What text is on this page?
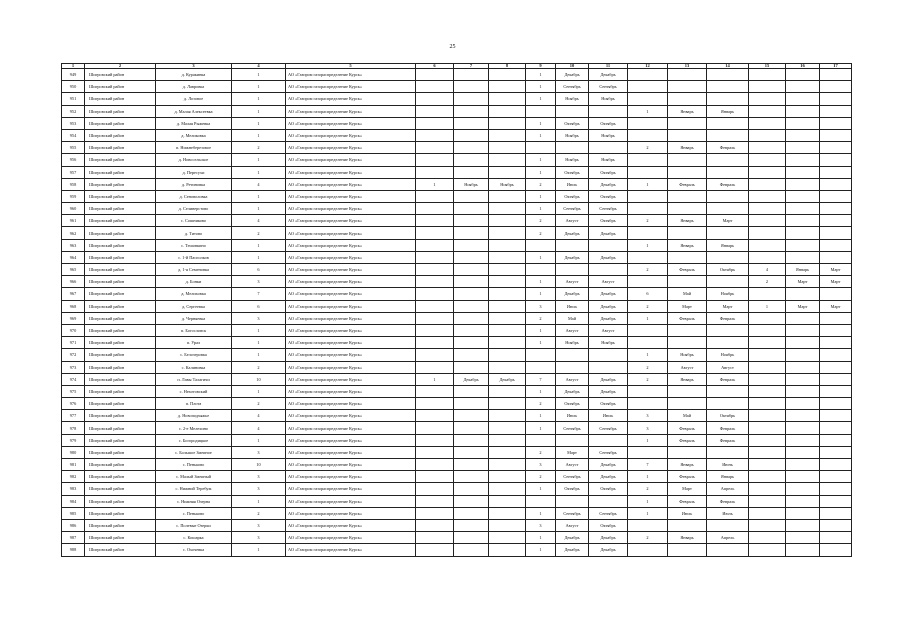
25
1	2	3	4	5	6	7	8	9	10	11	12	13	14	15	16	17
949	Шигровский район	д. Куракинка	1	АО «Газпром газораспределение Курск»				1	Декабрь	Декабрь						
950	Шигровский район	д. Лавровка	1	АО «Газпром газораспределение Курск»				1	Сентябрь	Сентябрь						
951	Шигровский район	д. Лозовое	1	АО «Газпром газораспределение Курск»				1	Ноябрь	Ноябрь						
952	Шигровский район	д. Малая Алексеевка	1	АО «Газпром газораспределение Курск»							1	Январь	Январь			
953	Шигровский район	д. Малая Рыжевка	1	АО «Газпром газораспределение Курск»				1	Октябрь	Октябрь						
954	Шигровский район	д. Меликовка	1	АО «Газпром газораспределение Курск»				1	Ноябрь	Ноябрь						
955	Шигровский район	п. Нижнеберезовое	2	АО «Газпром газораспределение Курск»							2	Январь	Февраль			
956	Шигровский район	д. Новосельское	1	АО «Газпром газораспределение Курск»				1	Ноябрь	Ноябрь						
957	Шигровский район	д. Пересухи	1	АО «Газпром газораспределение Курск»				1	Октябрь	Октябрь						
958	Шигровский район	д. Ретиновка	4	АО «Газпром газораспределение Курск»	1	Ноябрь	Ноябрь	2	Июль	Декабрь	1	Февраль	Февраль			
959	Шигровский район	д. Сеноволовка	1	АО «Газпром газораспределение Курск»				1	Октябрь	Октябрь						
960	Шигровский район	д. Селиверстово	1	АО «Газпром газораспределение Курск»				1	Сентябрь	Сентябрь						
961	Шигровский район	с. Сошниково	4	АО «Газпром газораспределение Курск»				2	Август	Октябрь	2	Январь	Март			
962	Шигровский район	д. Титово	2	АО «Газпром газораспределение Курск»				2	Декабрь	Декабрь						
963	Шигровский район	с. Тешовкино	1	АО «Газпром газораспределение Курск»							1	Январь	Январь			
964	Шигровский район	с. 1-й Пасполков	1	АО «Газпром газораспределение Курск»				1	Декабрь	Декабрь						
965	Шигровский район	д. 1-я Семеновка	6	АО «Газпром газораспределение Курск»							2	Февраль	Октябрь	4	Январь	Март
966	Шигровский район	д. Бонки	3	АО «Газпром газораспределение Курск»				1	Август	Август				2	Март	Март
967	Шигровский район	д. Мелиховка	7	АО «Газпром газораспределение Курск»				1	Декабрь	Декабрь	6	Май	Ноябрь			
968	Шигровский район	д. Сергеевка	6	АО «Газпром газораспределение Курск»				3	Июль	Декабрь	2	Март	Март	1	Март	Март
969	Шигровский район	д. Черняевка	3	АО «Газпром газораспределение Курск»				2	Май	Декабрь	1	Февраль	Февраль			
970	Шигровский район	п. Богословск	1	АО «Газпром газораспределение Курск»				1	Август	Август						
971	Шигровский район	п. Урал	1	АО «Газпром газораспределение Курск»				1	Ноябрь	Ноябрь						
972	Шигровский район	с. Белозеровка	1	АО «Газпром газораспределение Курск»							1	Ноябрь	Ноябрь			
973	Шигровский район	с. Калиновка	2	АО «Газпром газораспределение Курск»							2	Август	Август			
974	Шигровский район	п. Лавы Талагичи	10	АО «Газпром газораспределение Курск»	1	Декабрь	Декабрь	7	Август	Декабрь	2	Январь	Февраль			
975	Шигровский район	с. Нехотовский	1	АО «Газпром газораспределение Курск»				1	Декабрь	Декабрь						
976	Шигровский район	п. Плота	2	АО «Газпром газораспределение Курск»				2	Октябрь	Октябрь						
977	Шигровский район	д. Новоподъяжье	4	АО «Газпром газораспределение Курск»				1	Июль	Июль	3	Май	Октябрь			
978	Шигровский район	с. 2-е Мелехино	4	АО «Газпром газораспределение Курск»				1	Сентябрь	Сентябрь	3	Февраль	Февраль			
979	Шигровский район	с. Богородицкое	1	АО «Газпром газораспределение Курск»							1	Февраль	Февраль			
980	Шигровский район	с. Большое Змеиное	3	АО «Газпром газораспределение Курск»				2	Март	Сентябрь						
981	Шигровский район	с. Пеньково	10	АО «Газпром газораспределение Курск»				3	Август	Декабрь	7	Январь	Июнь			
982	Шигровский район	с. Малый Змеиный	3	АО «Газпром газораспределение Курск»				2	Сентябрь	Декабрь	1	Февраль	Январь			
983	Шигровский район	с. Нижний Теребуж	3	АО «Газпром газораспределение Курск»				1	Октябрь	Октябрь	2	Март	Апрель			
984	Шигровский район	с. Нижняя Озерна	1	АО «Газпром газораспределение Курск»							1	Февраль	Февраль			
985	Шигровский район	с. Пеньково	2	АО «Газпром газораспределение Курск»				1	Сентябрь	Сентябрь	1	Июль	Июль			
986	Шигровский район	с. Полевые Озерки	3	АО «Газпром газораспределение Курск»				3	Август	Октябрь						
987	Шигровский район	с. Кошарка	3	АО «Газпром газораспределение Курск»				1	Декабрь	Декабрь	2	Январь	Апрель			
988	Шигровский район	с. Охочевка	1	АО «Газпром газораспределение Курск»				1	Декабрь	Декабрь						
